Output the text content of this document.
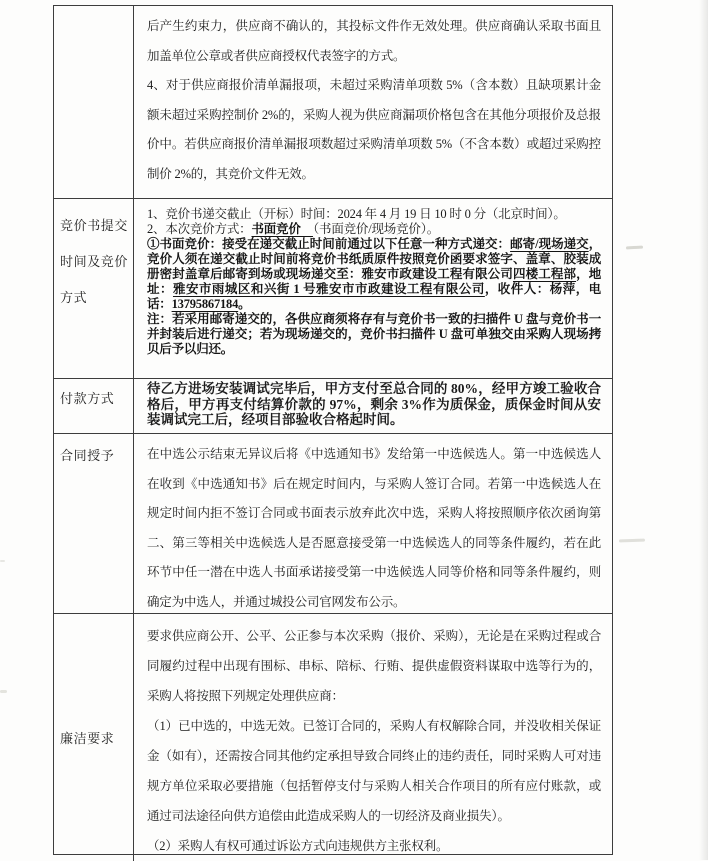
后产生约束力，供应商不确认的，其投标文件作无效处理。供应商确认采取书面且加盖单位公章或者供应商授权代表签字的方式。

4、对于供应商报价清单漏报项，未超过采购清单项数 5%（含本数）且缺项累计金额未超过采购控制价 2%的，采购人视为供应商漏项价格包含在其他分项报价及总报价中。若供应商报价清单漏报项数超过采购清单项数 5%（不含本数）或超过采购控制价 2%的，其竞价文件无效。

竞价书提交
时间及竞价
方式

1、竞价书递交截止（开标）时间：2024 年 4 月 19 日 10 时 0 分（北京时间）。

2、本次竞价方式：书面竞价　（书面竞价/现场竞价）。

①书面竞价：接受在递交截止时间前通过以下任意一种方式递交：邮寄/现场递交，竞价人须在递交截止时间前将竞价书纸质原件按照竞价函要求签字、盖章、胶装成册密封盖章后邮寄到场或现场递交至：雅安市政建设工程有限公司四楼工程部，地址：雅安市雨城区和兴街 1 号雅安市市政建设工程有限公司，收件人：杨萍，电话：13795867184。

注：若采用邮寄递交的，各供应商须将存有与竞价书一致的扫描件 U 盘与竞价书一并封装后进行递交；若为现场递交的，竞价书扫描件 U 盘可单独交由采购人现场拷贝后予以归还。

付款方式

待乙方进场安装调试完毕后，甲方支付至总合同的 80%，经甲方竣工验收合格后，甲方再支付结算价款的 97%，剩余 3%作为质保金，质保金时间从安装调试完工后，经项目部验收合格起时间。

合同授予	在中选公示结束无异议后将《中选通知书》发给第一中选候选人。第一中选候选人在收到《中选通知书》后在规定时间内，与采购人签订合同。若第一中选候选人在规定时间内拒不签订合同或书面表示放弃此次中选，采购人将按照顺序依次函询第二、第三等相关中选候选人是否愿意接受第一中选候选人的同等条件履约，若在此环节中任一潜在中选人书面承诺接受第一中选候选人同等价格和同等条件履约，则确定为中选人，并通过城投公司官网发布公示。

廉洁要求

要求供应商公开、公平、公正参与本次采购（报价、采购），无论是在采购过程或合同履约过程中出现有围标、串标、陪标、行贿、提供虚假资料谋取中选等行为的，采购人将按照下列规定处理供应商：

（1）已中选的，中选无效。已签订合同的，采购人有权解除合同，并没收相关保证金（如有），还需按合同其他约定承担导致合同终止的违约责任，同时采购人可对违规方单位采取必要措施（包括暂停支付与采购人相关合作项目的所有应付账款，或通过司法途径向供方追偿由此造成采购人的一切经济及商业损失）。

（2）采购人有权可通过诉讼方式向违规供方主张权利。
